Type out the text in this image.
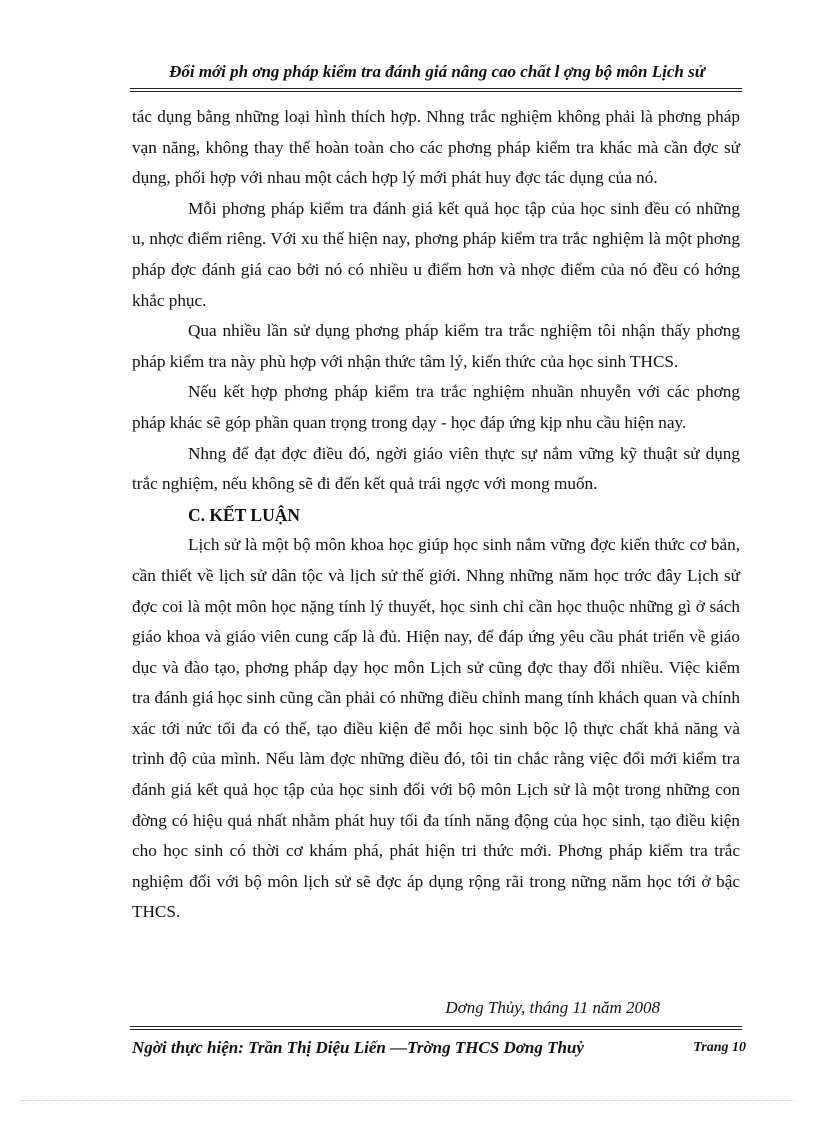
Đổi mới ph ơng pháp kiểm tra đánh giá nâng cao chất l ợng bộ môn Lịch sử

tác dụng bằng những loại hình thích hợp. Nhng trắc nghiệm không phải là phơng pháp vạn năng, không thay thế hoàn toàn cho các phơng pháp kiểm tra khác mà cần đợc sử dụng, phối hợp với nhau một cách hợp lý mới phát huy đợc tác dụng của nó.

Mỗi phơng pháp kiểm tra đánh giá kết quả học tập của học sinh đều có những u, nhợc điểm riêng. Với xu thế hiện nay, phơng pháp kiểm tra trắc nghiệm là một phơng pháp đợc đánh giá cao bởi nó có nhiều u điểm hơn và nhợc điểm của nó đều có hớng khắc phục.

Qua nhiều lần sử dụng phơng pháp kiểm tra trắc nghiệm tôi nhận thấy phơng pháp kiểm tra này phù hợp với nhận thức tâm lý, kiến thức của học sinh THCS.

Nếu kết hợp phơng pháp kiểm tra trắc nghiệm nhuần nhuyễn với các phơng pháp khác sẽ góp phần quan trọng trong dạy - học đáp ứng kịp nhu cầu hiện nay.

Nhng để đạt đợc điều đó, ngời giáo viên thực sự nắm vững kỹ thuật sử dụng trắc nghiệm, nếu không sẽ đi đến kết quả trái ngợc với mong muốn.

C. KẾT LUẬN

Lịch sử là một bộ môn khoa học giúp học sinh nắm vững đợc kiến thức cơ bản, cần thiết về lịch sử dân tộc và lịch sử thế giới. Nhng những năm học trớc đây Lịch sử đợc coi là một môn học nặng tính lý thuyết, học sinh chỉ cần học thuộc những gì ở sách giáo khoa và giáo viên cung cấp là đủ. Hiện nay, để đáp ứng yêu cầu phát triển về giáo dục và đào tạo, phơng pháp dạy học môn Lịch sử cũng đợc thay đổi nhiều. Việc kiểm tra đánh giá học sinh cũng cần phải có những điều chỉnh mang tính khách quan và chính xác tới nức tối đa có thể, tạo điều kiện để mỗi học sinh bộc lộ thực chất khả năng và trình độ của mình. Nếu làm đợc những điều đó, tôi tin chắc rằng việc đổi mới kiểm tra đánh giá kết quả học tập của học sinh đối với bộ môn Lịch sử là một trong những con đờng có hiệu quả nhất nhằm phát huy tối đa tính năng động của học sinh, tạo điều kiện cho học sinh có thời cơ khám phá, phát hiện tri thức mới. Phơng pháp kiểm tra trắc nghiệm đối với bộ môn lịch sử sẽ đợc áp dụng rộng rãi trong nững năm học tới ở bậc THCS.

Dơng Thủy, tháng 11 năm 2008
Ngời thực hiện: Trần Thị Diệu Liến —Trờng THCS Dơng Thuỷ	Trang 10
